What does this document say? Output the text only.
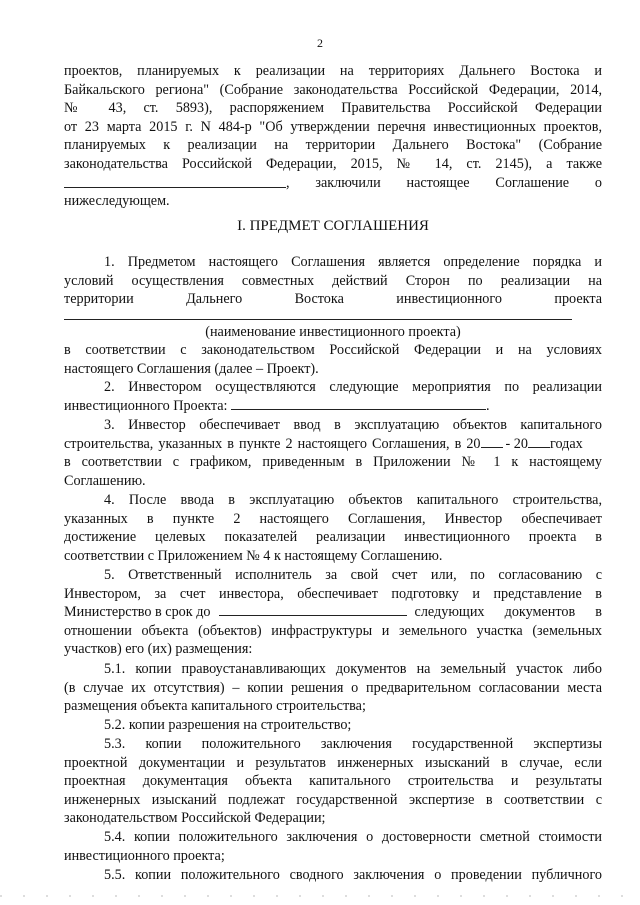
2
проектов, планируемых к реализации на территориях Дальнего Востока и
Байкальского региона" (Собрание законодательства Российской Федерации, 2014,
№ 43, ст. 5893), распоряжением Правительства Российской Федерации
от 23 марта 2015 г. N 484-р "Об утверждении перечня инвестиционных проектов,
планируемых к реализации на территории Дальнего Востока" (Собрание
законодательства Российской Федерации, 2015, № 14, ст. 2145), а также
, заключили настоящее Соглашение о
нижеследующем.
I. ПРЕДМЕТ СОГЛАШЕНИЯ
1. Предметом настоящего Соглашения является определение порядка и
условий осуществления совместных действий Сторон по реализации на
территории Дальнего Востока инвестиционного проекта
(наименование инвестиционного проекта)
в соответствии с законодательством Российской Федерации и на условиях
настоящего Соглашения (далее – Проект).
2. Инвестором осуществляются следующие мероприятия по реализации
инвестиционного Проекта:	.
3. Инвестор обеспечивает ввод в эксплуатацию объектов капитального
строительства, указанных в пункте 2 настоящего Соглашения, в 20 - 20 годах
в соответствии с графиком, приведенным в Приложении № 1 к настоящему
Соглашению.
4. После ввода в эксплуатацию объектов капитального строительства,
указанных в пункте 2 настоящего Соглашения, Инвестор обеспечивает
достижение целевых показателей реализации инвестиционного проекта в
соответствии с Приложением № 4 к настоящему Соглашению.
5. Ответственный исполнитель за свой счет или, по согласованию с
Инвестором, за счет инвестора, обеспечивает подготовку и представление в
Министерство в срок до	следующих документов в
отношении объекта (объектов) инфраструктуры и земельного участка (земельных
участков) его (их) размещения:
5.1. копии правоустанавливающих документов на земельный участок либо
(в случае их отсутствия) – копии решения о предварительном согласовании места
размещения объекта капитального строительства;
5.2. копии разрешения на строительство;
5.3. копии положительного заключения государственной экспертизы
проектной документации и результатов инженерных изысканий в случае, если
проектная документация объекта капитального строительства и результаты
инженерных изысканий подлежат государственной экспертизе в соответствии с
законодательством Российской Федерации;
5.4. копии положительного заключения о достоверности сметной стоимости
инвестиционного проекта;
5.5. копии положительного сводного заключения о проведении публичного
